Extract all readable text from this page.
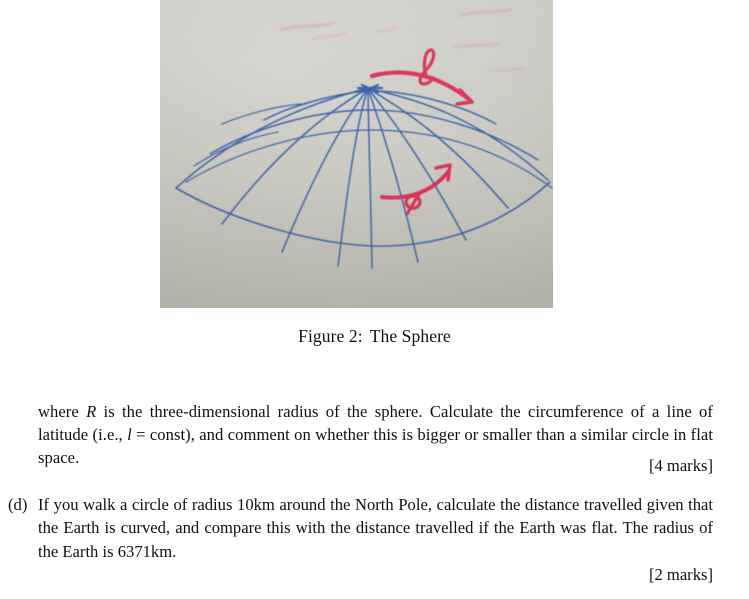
Figure 2: The Sphere

where R is the three-dimensional radius of the sphere. Calculate the circumference of a line of latitude (i.e., l = const), and comment on whether this is bigger or smaller than a similar circle in flat space.	[4 marks]
(d) If you walk a circle of radius 10km around the North Pole, calculate the distance travelled given that the Earth is curved, and compare this with the distance travelled if the Earth was flat. The radius of the Earth is 6371km.
[2 marks]
